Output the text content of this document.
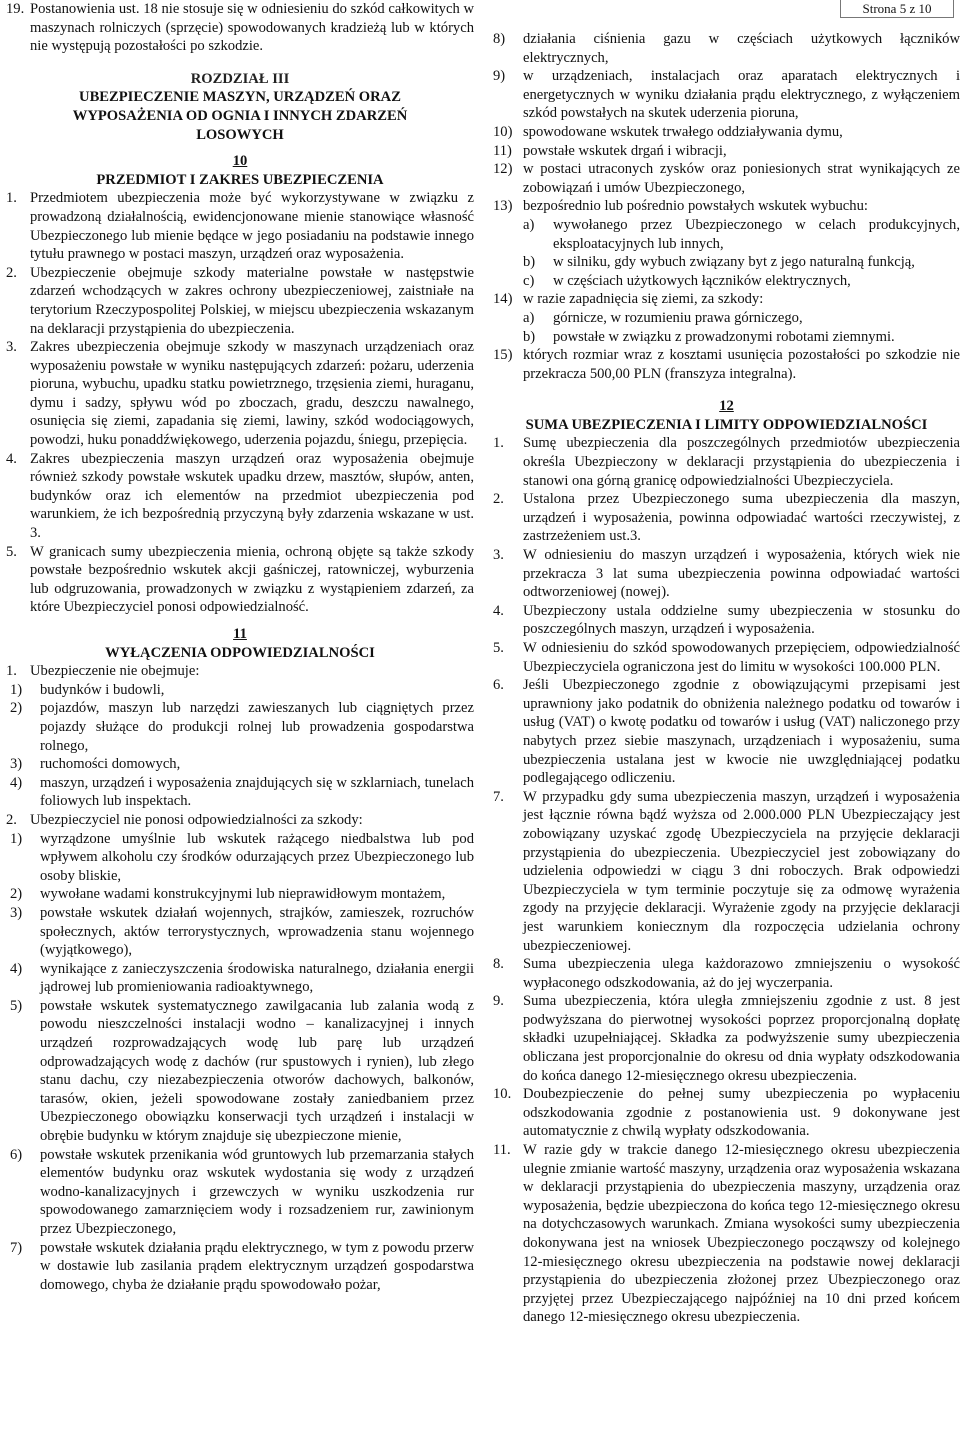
Strona 5 z 10

19. Postanowienia ust. 18 nie stosuje się w odniesieniu do szkód całkowitych w maszynach rolniczych (sprzęcie) spowodowanych kradzieżą lub w których nie występują pozostałości po szkodzie.

ROZDZIAŁ III

UBEZPIECZENIE MASZYN, URZĄDZEŃ ORAZ WYPOSAŻENIA OD OGNIA I INNYCH ZDARZEŃ LOSOWYCH

10

PRZEDMIOT I ZAKRES UBEZPIECZENIA

1. Przedmiotem ubezpieczenia może być wykorzystywane w związku z prowadzoną działalnością, ewidencjonowane mienie stanowiące własność Ubezpieczonego lub mienie będące w jego posiadaniu na podstawie innego tytułu prawnego w postaci maszyn, urządzeń oraz wyposażenia.
2. Ubezpieczenie obejmuje szkody materialne powstałe w następstwie zdarzeń wchodzących w zakres ochrony ubezpieczeniowej, zaistniałe na terytorium Rzeczypospolitej Polskiej, w miejscu ubezpieczenia wskazanym na deklaracji przystąpienia do ubezpieczenia.
3. Zakres ubezpieczenia obejmuje szkody w maszynach urządzeniach oraz wyposażeniu powstałe w wyniku następujących zdarzeń: pożaru, uderzenia pioruna, wybuchu, upadku statku powietrznego, trzęsienia ziemi, huraganu, dymu i sadzy, spływu wód po zboczach, gradu, deszczu nawalnego, osunięcia się ziemi, zapadania się ziemi, lawiny, szkód wodociągowych, powodzi, huku ponaddźwiękowego, uderzenia pojazdu, śniegu, przepięcia.
4. Zakres ubezpieczenia maszyn urządzeń oraz wyposażenia obejmuje również szkody powstałe wskutek upadku drzew, masztów, słupów, anten, budynków oraz ich elementów na przedmiot ubezpieczenia pod warunkiem, że ich bezpośrednią przyczyną były zdarzenia wskazane w ust. 3.
5. W granicach sumy ubezpieczenia mienia, ochroną objęte są także szkody powstałe bezpośrednio wskutek akcji gaśniczej, ratowniczej, wyburzenia lub odgruzowania, prowadzonych w związku z wystąpieniem zdarzeń, za które Ubezpieczyciel ponosi odpowiedzialność.

11

WYŁĄCZENIA ODPOWIEDZIALNOŚCI

1. Ubezpieczenie nie obejmuje:

1) budynków i budowli,
2) pojazdów, maszyn lub narzędzi zawieszanych lub ciągniętych przez pojazdy służące do produkcji rolnej lub prowadzenia gospodarstwa rolnego,
3) ruchomości domowych,
4) maszyn, urządzeń i wyposażenia znajdujących się w szklarniach, tunelach foliowych lub inspektach.

2. Ubezpieczyciel nie ponosi odpowiedzialności za szkody:

1) wyrządzone umyślnie lub wskutek rażącego niedbalstwa lub pod wpływem alkoholu czy środków odurzających przez Ubezpieczonego lub osoby bliskie,
2) wywołane wadami konstrukcyjnymi lub nieprawidłowym montażem,
3) powstałe wskutek działań wojennych, strajków, zamieszek, rozruchów społecznych, aktów terrorystycznych, wprowadzenia stanu wojennego (wyjątkowego),
4) wynikające z zanieczyszczenia środowiska naturalnego, działania energii jądrowej lub promieniowania radioaktywnego,
5) powstałe wskutek systematycznego zawilgacania lub zalania wodą z powodu nieszczelności instalacji wodno – kanalizacyjnej i innych urządzeń rozprowadzających wodę lub parę lub urządzeń odprowadzających wodę z dachów (rur spustowych i rynien), lub złego stanu dachu, czy niezabezpieczenia otworów dachowych, balkonów, tarasów, okien, jeżeli spowodowane zostały zaniedbaniem przez Ubezpieczonego obowiązku konserwacji tych urządzeń i instalacji w obrębie budynku w którym znajduje się ubezpieczone mienie,
6) powstałe wskutek przenikania wód gruntowych lub przemarzania stałych elementów budynku oraz wskutek wydostania się wody z urządzeń wodno-kanalizacyjnych i grzewczych w wyniku uszkodzenia rur spowodowanego zamarznięciem wody i rozsadzeniem rur, zawinionym przez Ubezpieczonego,
7) powstałe wskutek działania prądu elektrycznego, w tym z powodu przerw w dostawie lub zasilania prądem elektrycznym urządzeń gospodarstwa domowego, chyba że działanie prądu spowodowało pożar,
8) działania ciśnienia gazu w częściach użytkowych łączników elektrycznych,
9) w urządzeniach, instalacjach oraz aparatach elektrycznych i energetycznych w wyniku działania prądu elektrycznego, z wyłączeniem szkód powstałych na skutek uderzenia pioruna,
10) spowodowane wskutek trwałego oddziaływania dymu,
11) powstałe wskutek drgań i wibracji,
12) w postaci utraconych zysków oraz poniesionych strat wynikających ze zobowiązań i umów Ubezpieczonego,
13) bezpośrednio lub pośrednio powstałych wskutek wybuchu:
a) wywołanego przez Ubezpieczonego w celach produkcyjnych, eksploatacyjnych lub innych,
b) w silniku, gdy wybuch związany byt z jego naturalną funkcją,
c) w częściach użytkowych łączników elektrycznych,
14) w razie zapadnięcia się ziemi, za szkody:
a) górnicze, w rozumieniu prawa górniczego,
b) powstałe w związku z prowadzonymi robotami ziemnymi.
15) których rozmiar wraz z kosztami usunięcia pozostałości po szkodzie nie przekracza 500,00 PLN (franszyza integralna).

12

SUMA UBEZPIECZENIA I LIMITY ODPOWIEDZIALNOŚCI

1. Sumę ubezpieczenia dla poszczególnych przedmiotów ubezpieczenia określa Ubezpieczony w deklaracji przystąpienia do ubezpieczenia i stanowi ona górną granicę odpowiedzialności Ubezpieczyciela.
2. Ustalona przez Ubezpieczonego suma ubezpieczenia dla maszyn, urządzeń i wyposażenia, powinna odpowiadać wartości rzeczywistej, z zastrzeżeniem ust.3.
3. W odniesieniu do maszyn urządzeń i wyposażenia, których wiek nie przekracza 3 lat suma ubezpieczenia powinna odpowiadać wartości odtworzeniowej (nowej).
4. Ubezpieczony ustala oddzielne sumy ubezpieczenia w stosunku do poszczególnych maszyn, urządzeń i wyposażenia.
5. W odniesieniu do szkód spowodowanych przepięciem, odpowiedzialność Ubezpieczyciela ograniczona jest do limitu w wysokości 100.000 PLN.
6. Jeśli Ubezpieczonego zgodnie z obowiązującymi przepisami jest uprawniony jako podatnik do obniżenia należnego podatku od towarów i usług (VAT) o kwotę podatku od towarów i usług (VAT) naliczonego przy nabytych przez siebie maszynach, urządzeniach i wyposażeniu, suma ubezpieczenia ustalana jest w kwocie nie uwzględniającej podatku podlegającego odliczeniu.
7. W przypadku gdy suma ubezpieczenia maszyn, urządzeń i wyposażenia jest łącznie równa bądź wyższa od 2.000.000 PLN Ubezpieczający jest zobowiązany uzyskać zgodę Ubezpieczyciela na przyjęcie deklaracji przystąpienia do ubezpieczenia. Ubezpieczyciel jest zobowiązany do udzielenia odpowiedzi w ciągu 3 dni roboczych. Brak odpowiedzi Ubezpieczyciela w tym terminie poczytuje się za odmowę wyrażenia zgody na przyjęcie deklaracji. Wyrażenie zgody na przyjęcie deklaracji jest warunkiem koniecznym dla rozpoczęcia udzielania ochrony ubezpieczeniowej.
8. Suma ubezpieczenia ulega każdorazowo zmniejszeniu o wysokość wypłaconego odszkodowania, aż do jej wyczerpania.
9. Suma ubezpieczenia, która uległa zmniejszeniu zgodnie z ust. 8 jest podwyższana do pierwotnej wysokości poprzez proporcjonalną dopłatę składki uzupełniającej. Składka za podwyższenie sumy ubezpieczenia obliczana jest proporcjonalnie do okresu od dnia wypłaty odszkodowania do końca danego 12-miesięcznego okresu ubezpieczenia.
10. Doubezpieczenie do pełnej sumy ubezpieczenia po wypłaceniu odszkodowania zgodnie z postanowienia ust. 9 dokonywane jest automatycznie z chwilą wypłaty odszkodowania.
11. W razie gdy w trakcie danego 12-miesięcznego okresu ubezpieczenia ulegnie zmianie wartość maszyny, urządzenia oraz wyposażenia wskazana w deklaracji przystąpienia do ubezpieczenia maszyny, urządzenia oraz wyposażenia, będzie ubezpieczona do końca tego 12-miesięcznego okresu na dotychczasowych warunkach. Zmiana wysokości sumy ubezpieczenia dokonywana jest na wniosek Ubezpieczonego począwszy od kolejnego 12-miesięcznego okresu ubezpieczenia na podstawie nowej deklaracji przystąpienia do ubezpieczenia złożonej przez Ubezpieczonego oraz przyjętej przez Ubezpieczającego najpóźniej na 10 dni przed końcem danego 12-miesięcznego okresu ubezpieczenia.
